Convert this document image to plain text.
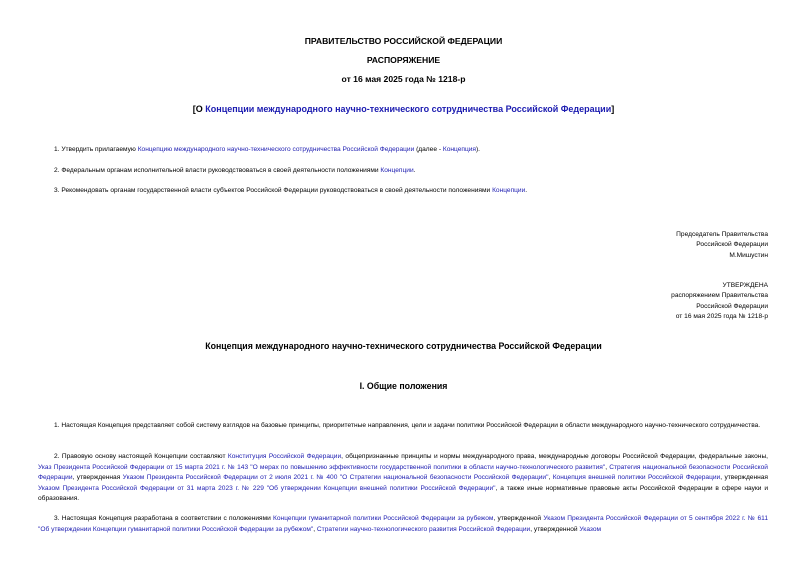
ПРАВИТЕЛЬСТВО РОССИЙСКОЙ ФЕДЕРАЦИИ
РАСПОРЯЖЕНИЕ
от 16 мая 2025 года № 1218-р
[О Концепции международного научно-технического сотрудничества Российской Федерации]
1. Утвердить прилагаемую Концепцию международного научно-технического сотрудничества Российской Федерации (далее - Концепция).
2. Федеральным органам исполнительной власти руководствоваться в своей деятельности положениями Концепции.
3. Рекомендовать органам государственной власти субъектов Российской Федерации руководствоваться в своей деятельности положениями Концепции.
Председатель Правительства
Российской Федерации
М.Мишустин
УТВЕРЖДЕНА
распоряжением Правительства
Российской Федерации
от 16 мая 2025 года № 1218-р
Концепция международного научно-технического сотрудничества Российской Федерации
I. Общие положения
1. Настоящая Концепция представляет собой систему взглядов на базовые принципы, приоритетные направления, цели и задачи политики Российской Федерации в области международного научно-технического сотрудничества.
2. Правовую основу настоящей Концепции составляют Конституция Российской Федерации, общепризнанные принципы и нормы международного права, международные договоры Российской Федерации, федеральные законы, Указ Президента Российской Федерации от 15 марта 2021 г. № 143 "О мерах по повышению эффективности государственной политики в области научно-технологического развития", Стратегия национальной безопасности Российской Федерации, утвержденная Указом Президента Российской Федерации от 2 июля 2021 г. № 400 "О Стратегии национальной безопасности Российской Федерации", Концепция внешней политики Российской Федерации, утвержденная Указом Президента Российской Федерации от 31 марта 2023 г. № 229 "Об утверждении Концепции внешней политики Российской Федерации", а также иные нормативные правовые акты Российской Федерации в сфере науки и образования.
3. Настоящая Концепция разработана в соответствии с положениями Концепции гуманитарной политики Российской Федерации за рубежом, утвержденной Указом Президента Российской Федерации от 5 сентября 2022 г. № 611 "Об утверждении Концепции гуманитарной политики Российской Федерации за рубежом", Стратегии научно-технологического развития Российской Федерации, утвержденной Указом
